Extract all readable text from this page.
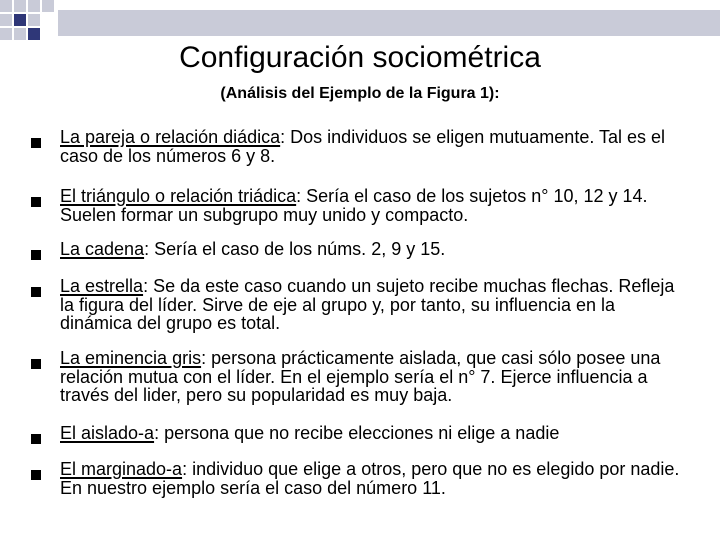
Configuración sociométrica
(Análisis del Ejemplo de la Figura 1):
La pareja o relación diádica: Dos individuos se eligen mutuamente. Tal es el caso de los números 6 y 8.
El triángulo o relación triádica: Sería el caso de los sujetos n° 10, 12 y 14. Suelen formar un subgrupo muy unido y compacto.
La cadena: Sería el caso de los núms. 2, 9 y 15.
La estrella: Se da este caso cuando un sujeto recibe muchas flechas. Refleja la figura del líder. Sirve de eje al grupo y, por tanto, su influencia en la dinámica del grupo es total.
La eminencia gris: persona prácticamente aislada, que casi sólo posee una relación mutua con el líder. En el ejemplo sería el n° 7. Ejerce influencia a través del lider, pero su popularidad es muy baja.
El aislado-a: persona que no recibe elecciones ni elige a nadie
El marginado-a: individuo que elige a otros, pero que no es elegido por nadie. En nuestro ejemplo sería el caso del número 11.
